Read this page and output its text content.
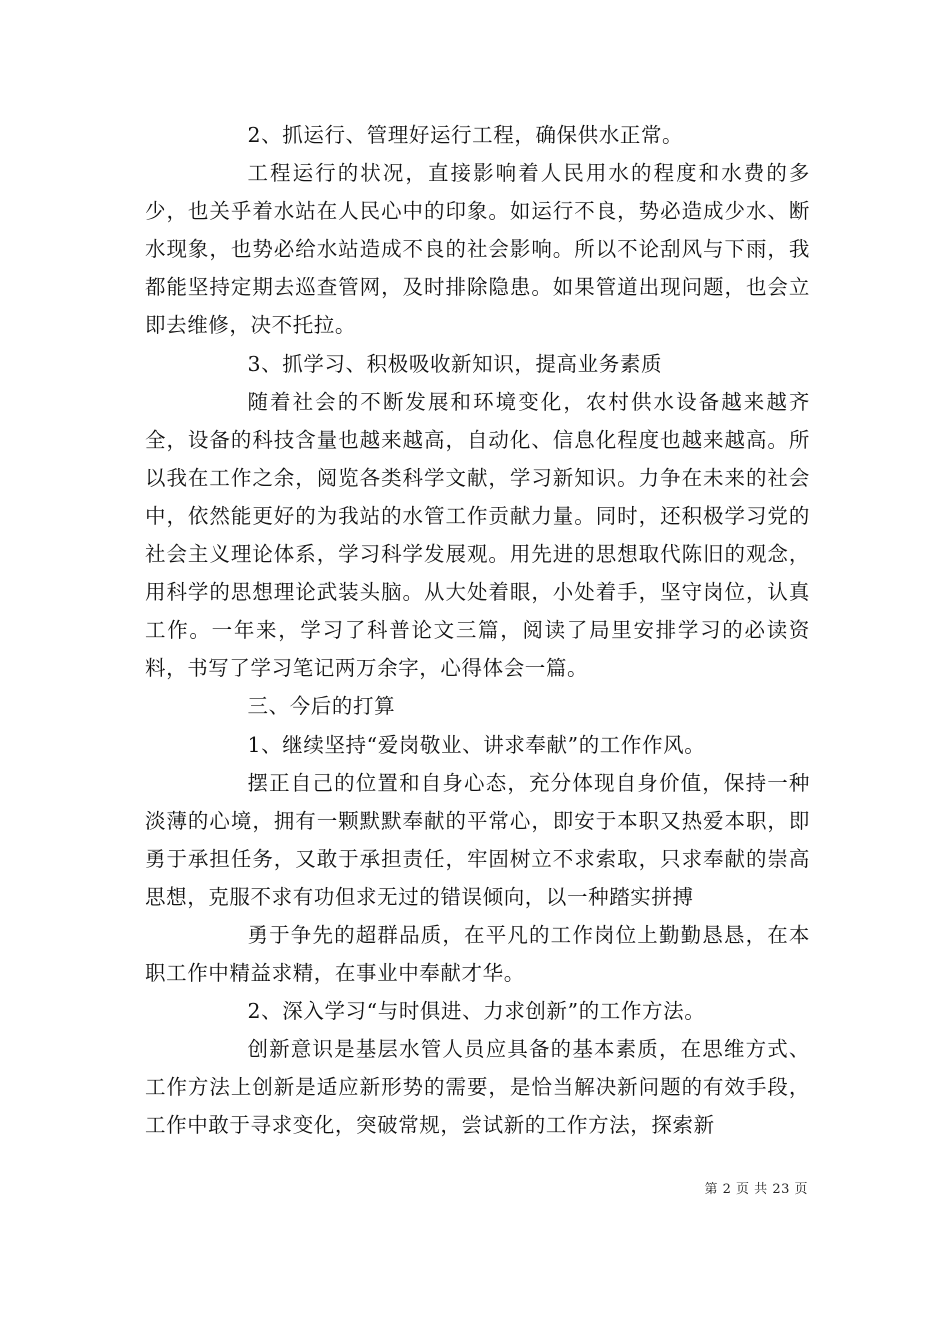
2、抓运行、管理好运行工程，确保供水正常。

工程运行的状况，直接影响着人民用水的程度和水费的多少，也关乎着水站在人民心中的印象。如运行不良，势必造成少水、断水现象，也势必给水站造成不良的社会影响。所以不论刮风与下雨，我都能坚持定期去巡查管网，及时排除隐患。如果管道出现问题，也会立即去维修，决不托拉。

3、抓学习、积极吸收新知识，提高业务素质

随着社会的不断发展和环境变化，农村供水设备越来越齐全，设备的科技含量也越来越高，自动化、信息化程度也越来越高。所以我在工作之余，阅览各类科学文献，学习新知识。力争在未来的社会中，依然能更好的为我站的水管工作贡献力量。同时，还积极学习党的社会主义理论体系，学习科学发展观。用先进的思想取代陈旧的观念，用科学的思想理论武装头脑。从大处着眼，小处着手，坚守岗位，认真工作。一年来，学习了科普论文三篇，阅读了局里安排学习的必读资料，书写了学习笔记两万余字，心得体会一篇。

三、今后的打算

1、继续坚持“爱岗敬业、讲求奉献”的工作作风。

摆正自己的位置和自身心态，充分体现自身价值，保持一种淡薄的心境，拥有一颗默默奉献的平常心，即安于本职又热爱本职，即勇于承担任务，又敢于承担责任，牢固树立不求索取，只求奉献的崇高思想，克服不求有功但求无过的错误倾向，以一种踏实拼搏

勇于争先的超群品质，在平凡的工作岗位上勤勤恳恳，在本职工作中精益求精，在事业中奉献才华。

2、深入学习“与时俱进、力求创新”的工作方法。

创新意识是基层水管人员应具备的基本素质，在思维方式、工作方法上创新是适应新形势的需要，是恰当解决新问题的有效手段，工作中敢于寻求变化，突破常规，尝试新的工作方法，探索新

第 2 页 共 23 页
